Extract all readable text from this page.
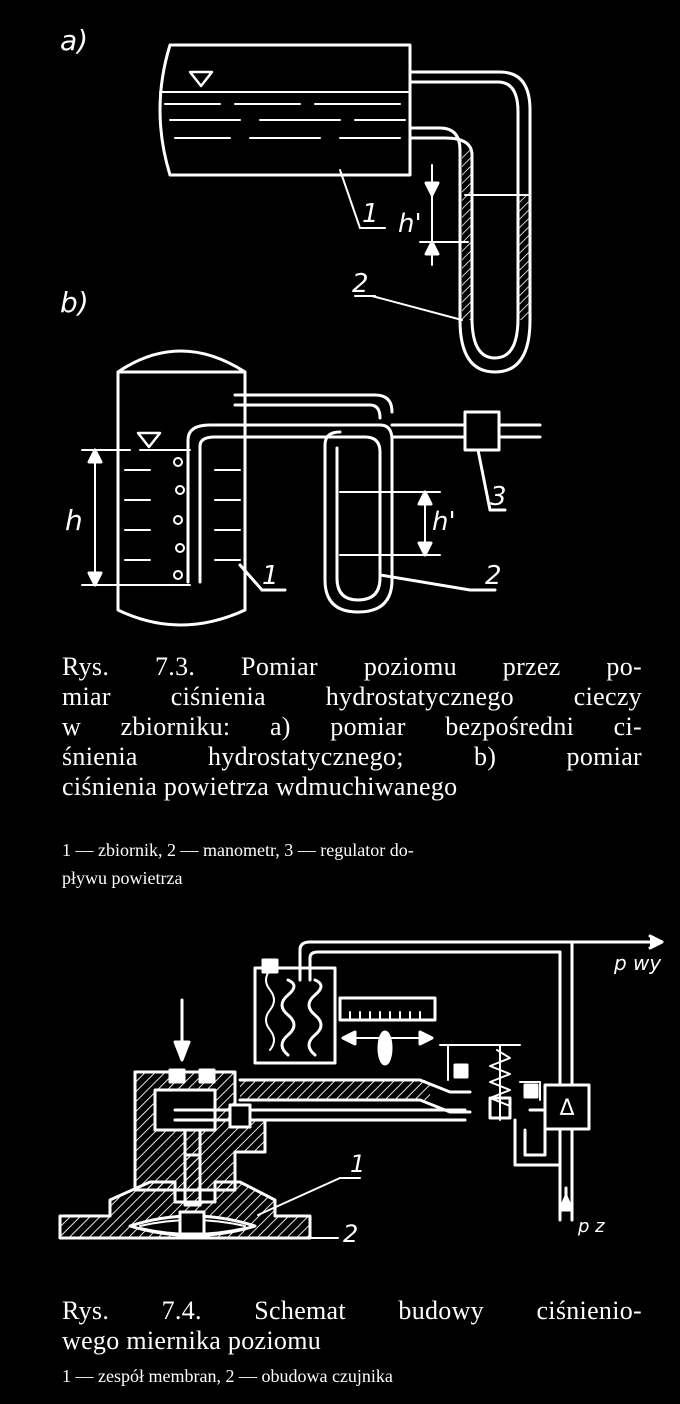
a)
b)
1 h'
2
h	h'
1	2
3
Rys. 7.3. Pomiar poziomu przez po-
miar ciśnienia hydrostatycznego cieczy
w zbiorniku: a) pomiar bezpośredni ci-
śnienia hydrostatycznego; b) pomiar
ciśnienia powietrza wdmuchiwanego
1 — zbiornik, 2 — manometr, 3 — regulator do-
pływu powietrza
Δ
p wy
p z
1
2
Rys. 7.4. Schemat budowy ciśnienio-
wego miernika poziomu
1 — zespół membran, 2 — obudowa czujnika
